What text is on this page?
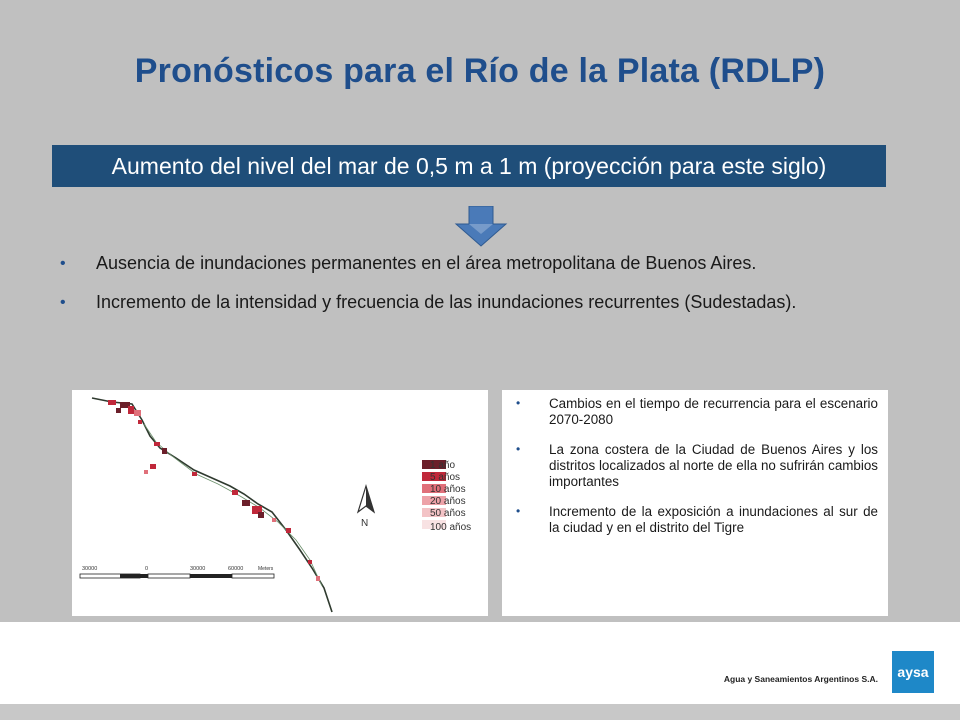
Pronósticos para el Río de la Plata (RDLP)
Aumento del nivel del mar de 0,5 m a 1 m (proyección para este siglo)
• Ausencia de inundaciones permanentes en el área metropolitana de Buenos Aires.
• Incremento de la intensidad y frecuencia de las inundaciones recurrentes (Sudestadas).
1 año
5 años
10 años
20 años
50 años
100 años
N
30000	0	30000	60000	Meters
• Cambios en el tiempo de recurrencia para el escenario 2070-2080
• La zona costera de la Ciudad de Buenos Aires y los distritos localizados al norte de ella no sufrirán cambios importantes
• Incremento de la exposición a inundaciones al sur de la ciudad y en el distrito del Tigre
Agua y Saneamientos Argentinos S.A.	aysa
